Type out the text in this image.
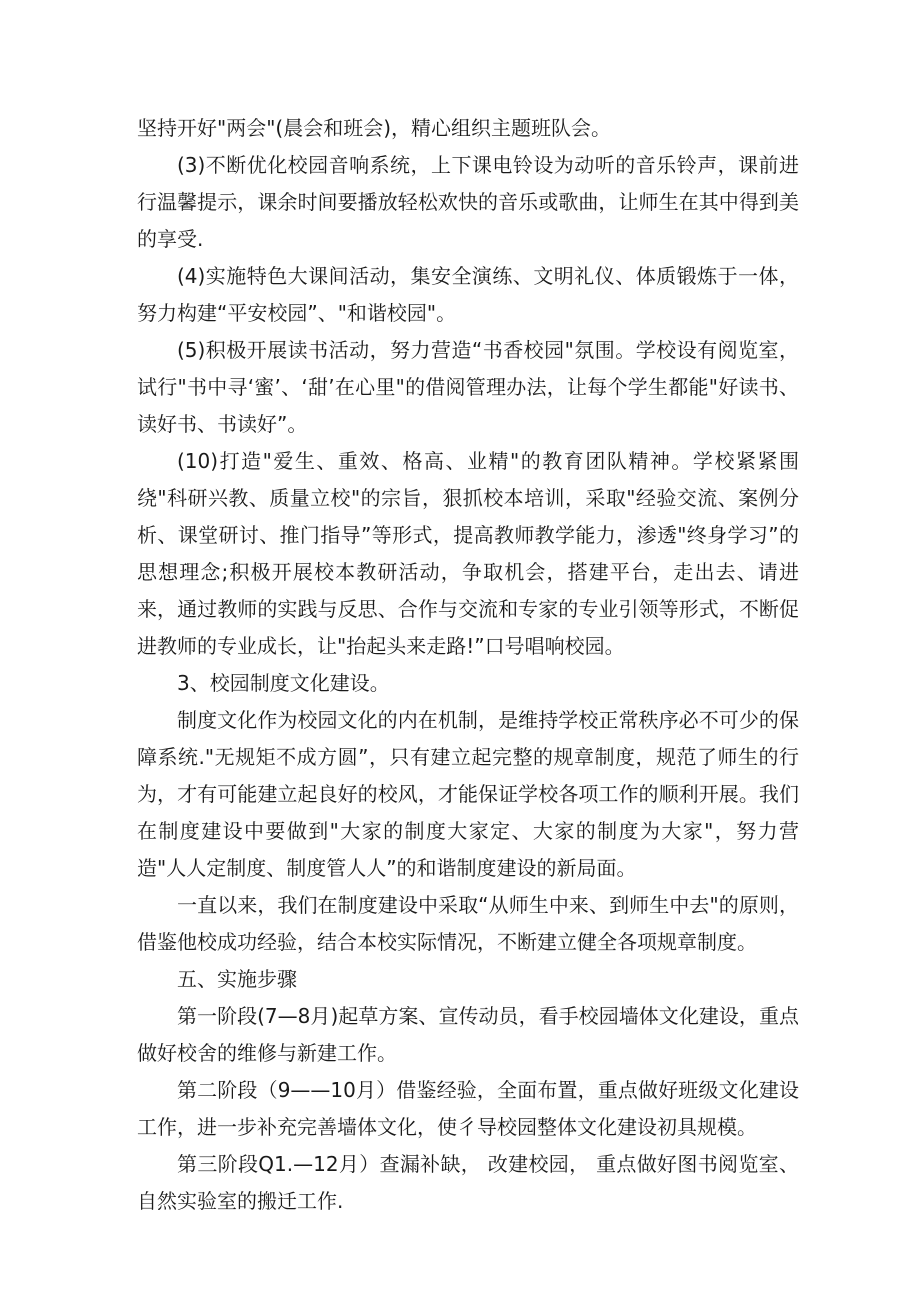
坚持开好"两会"(晨会和班会)，精心组织主题班队会。

(3)不断优化校园音响系统，上下课电铃设为动听的音乐铃声，课前进行温馨提示，课余时间要播放轻松欢快的音乐或歌曲，让师生在其中得到美的享受.

(4)实施特色大课间活动，集安全演练、文明礼仪、体质锻炼于一体，努力构建“平安校园”、"和谐校园"。

(5)积极开展读书活动，努力营造“书香校园"氛围。学校设有阅览室，试行"书中寻‘蜜’、‘甜’在心里"的借阅管理办法，让每个学生都能"好读书、读好书、书读好”。

(10)打造"爱生、重效、格高、业精"的教育团队精神。学校紧紧围绕"科研兴教、质量立校"的宗旨，狠抓校本培训，采取"经验交流、案例分析、课堂研讨、推门指导”等形式，提高教师教学能力，渗透"终身学习”的思想理念;积极开展校本教研活动，争取机会，搭建平台，走出去、请进来，通过教师的实践与反思、合作与交流和专家的专业引领等形式，不断促进教师的专业成长，让"抬起头来走路!”口号唱响校园。

3、校园制度文化建设。

制度文化作为校园文化的内在机制，是维持学校正常秩序必不可少的保障系统."无规矩不成方圆”，只有建立起完整的规章制度，规范了师生的行为，才有可能建立起良好的校风，才能保证学校各项工作的顺利开展。我们在制度建设中要做到"大家的制度大家定、大家的制度为大家"，努力营造"人人定制度、制度管人人”的和谐制度建设的新局面。

一直以来，我们在制度建设中采取“从师生中来、到师生中去"的原则，借鉴他校成功经验，结合本校实际情况，不断建立健全各项规章制度。

五、实施步骤

第一阶段(7—8月)起草方案、宣传动员，看手校园墙体文化建设，重点做好校舍的维修与新建工作。

第二阶段（9——10月）借鉴经验，全面布置，重点做好班级文化建设工作，进一步补充完善墙体文化，使彳导校园整体文化建设初具规模。

第三阶段Q1.—12月）查漏补缺， 改建校园， 重点做好图书阅览室、自然实验室的搬迁工作.
